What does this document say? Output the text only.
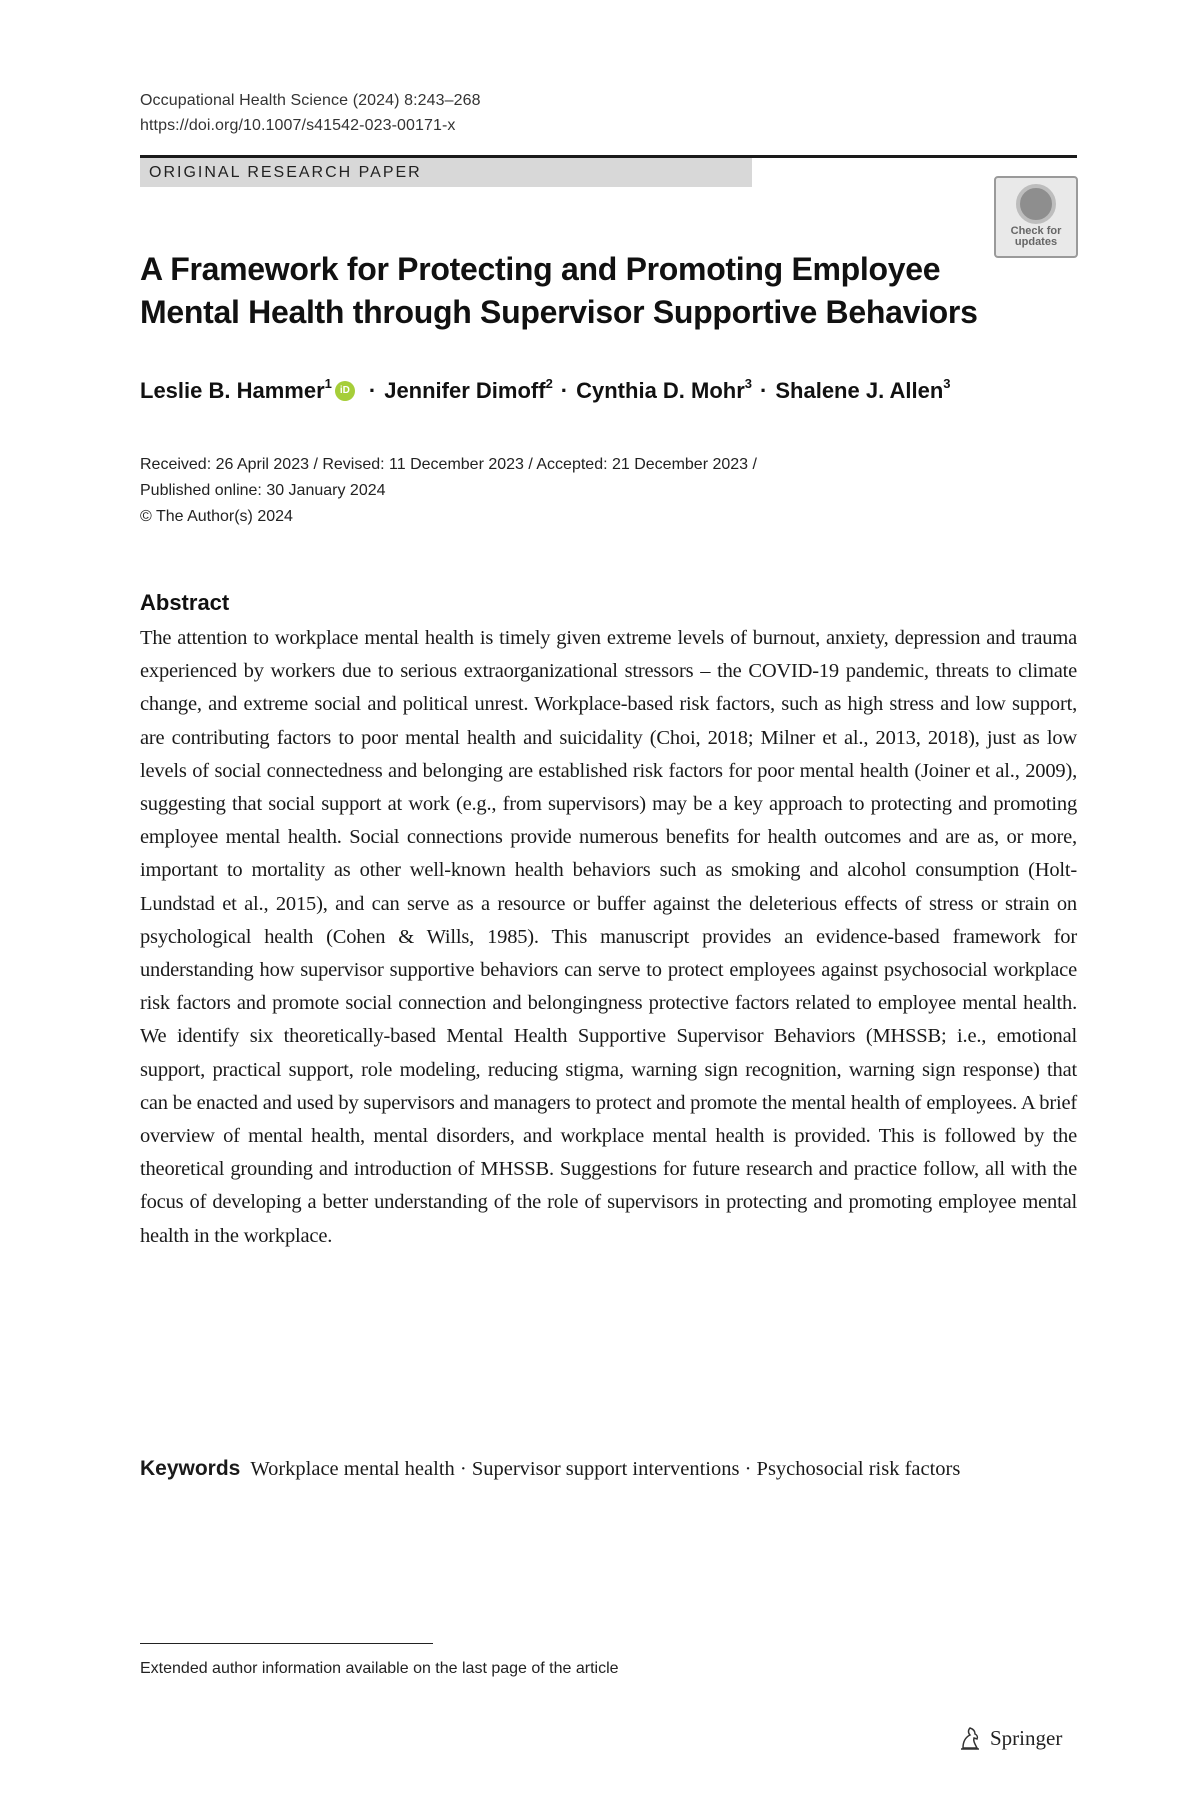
Occupational Health Science (2024) 8:243–268
https://doi.org/10.1007/s41542-023-00171-x
ORIGINAL RESEARCH PAPER
Check for
updates
A Framework for Protecting and Promoting Employee
Mental Health through Supervisor Supportive Behaviors
Leslie B. Hammer$^1$ iD · Jennifer Dimoff$^2$ · Cynthia D. Mohr$^3$ · Shalene J. Allen$^3$
Received: 26 April 2023 / Revised: 11 December 2023 / Accepted: 21 December 2023 /
Published online: 30 January 2024
© The Author(s) 2024
Abstract
The attention to workplace mental health is timely given extreme levels of burnout, anxiety, depression and trauma experienced by workers due to serious extraorganizational stressors – the COVID-19 pandemic, threats to climate change, and extreme social and political unrest. Workplace-based risk factors, such as high stress and low support, are contributing factors to poor mental health and suicidality (Choi, 2018; Milner et al., 2013, 2018), just as low levels of social connectedness and belonging are established risk factors for poor mental health (Joiner et al., 2009), suggesting that social support at work (e.g., from supervisors) may be a key approach to protecting and promoting employee mental health. Social connections provide numerous benefits for health outcomes and are as, or more, important to mortality as other well-known health behaviors such as smoking and alcohol consumption (Holt-Lundstad et al., 2015), and can serve as a resource or buffer against the deleterious effects of stress or strain on psychological health (Cohen & Wills, 1985). This manuscript provides an evidence-based framework for understanding how supervisor supportive behaviors can serve to protect employees against psychosocial workplace risk factors and promote social connection and belongingness protective factors related to employee mental health. We identify six theoretically-based Mental Health Supportive Supervisor Behaviors (MHSSB; i.e., emotional support, practical support, role modeling, reducing stigma, warning sign recognition, warning sign response) that can be enacted and used by supervisors and managers to protect and promote the mental health of employees. A brief overview of mental health, mental disorders, and workplace mental health is provided. This is followed by the theoretical grounding and introduction of MHSSB. Suggestions for future research and practice follow, all with the focus of developing a better understanding of the role of supervisors in protecting and promoting employee mental health in the workplace.
Keywords Workplace mental health · Supervisor support interventions · Psychosocial risk factors
Extended author information available on the last page of the article
Springer
